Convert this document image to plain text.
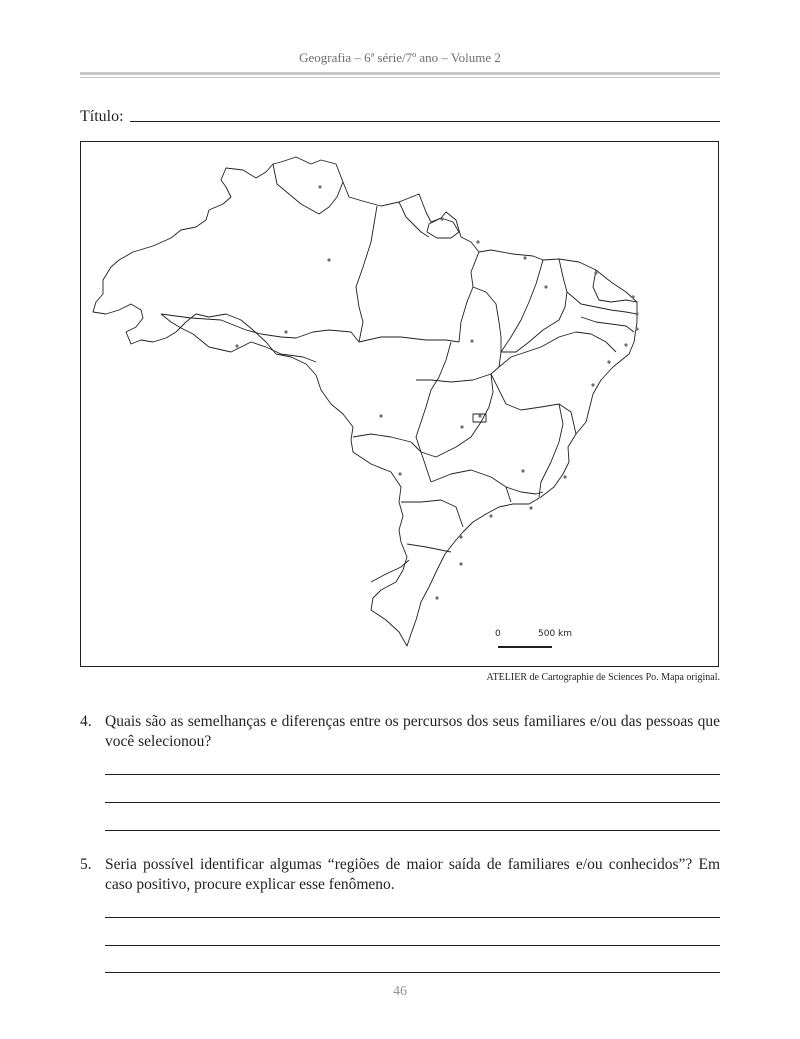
Geografia – 6ª série/7º ano – Volume 2
Título:
0	500 km
ATELIER de Cartographie de Sciences Po. Mapa original.
4. Quais são as semelhanças e diferenças entre os percursos dos seus familiares e/ou das pessoas que você selecionou?
5. Seria possível identificar algumas “regiões de maior saída de familiares e/ou conhecidos”? Em caso positivo, procure explicar esse fenômeno.
46
